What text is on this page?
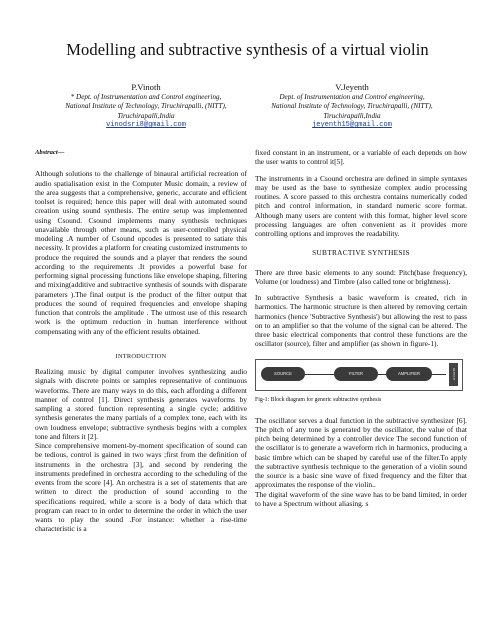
Modelling and subtractive synthesis of a virtual violin
P.Vinoth
* Dept. of Instrumentation and Control engineering,
National Institute of Technology, Tiruchirapalli, (NITT),
Tiruchirapalli,India
vinodsri8@gmail.com
V.Jeyenth
Dept. of Instrumentation and Control engineering,
National Institute of Technology, Tiruchirapalli, (NITT),
Tiruchirapalli,India
jeyenth15@gmail.com

Abstract—

Although solutions to the challenge of binaural artificial recreation of audio spatialisation exist in the Computer Music domain, a review of the area suggests that a comprehensive, generic, accurate and efficient toolset is required; hence this paper will deal with automated sound creation using sound synthesis. The entire setup was implemented using Csound. Csound implements many synthesis techniques unavailable through other means, such as user-controlled physical modeling .A number of Csound opcodes is presented to satiate this necessity. It provides a platform for creating customized instruments to produce the required the sounds and a player that renders the sound according to the requirements .It provides a powerful base for performing signal processing functions like envelope shaping, filtering and mixing(additive and subtractive synthesis of sounds with disparate parameters ).The final output is the product of the filter output that produces the sound of required frequencies and envelope shaping function that controls the amplitude . The utmost use of this research work is the optimum reduction in human interference without compensating with any of the efficient results obtained.

INTRODUCTION

Realizing music by digital computer involves synthesizing audio signals with discrete points or samples representative of continuous waveforms. There are many ways to do this, each affording a different manner of control [1]. Direct synthesis generates waveforms by sampling a stored function representing a single cycle; additive synthesis generates the many partials of a complex tone, each with its own loudness envelope; subtractive synthesis begins with a complex tone and filters it [2].

Since comprehensive moment-by-moment specification of sound can be tedious, control is gained in two ways ;first from the definition of instruments in the orchestra [3], and second by rendering the instruments predefined in orchestra according to the scheduling of the events from the score [4]. An orchestra is a set of statements that are written to direct the production of sound according to the specifications required, while a score is a body of data which that program can react to in order to determine the order in which the user wants to play the sound .For instance: whether a rise-time characteristic is a

fixed constant in an instrument, or a variable of each depends on how the user wants to control it[5].

The instruments in a Csound orchestra are defined in simple syntaxes may be used as the base to synthesize complex audio processing routines. A score passed to this orchestra contains numerically coded pitch and control information, in standard numeric score format. Although many users are content with this format, higher level score processing languages are often convenient as it provides more controlling options and improves the readability.

SUBTRACTIVE SYNTHESIS

There are three basic elements to any sound: Pitch(base frequency), Volume (or loudness) and Timbre (also called tone or brightness).

In subtractive Synthesis a basic waveform is created, rich in harmonics. The harmonic structure is then altered by removing certain harmonics (hence 'Subtractive Synthesis') but allowing the rest to pass on to an amplifier so that the volume of the signal can be altered. The three basic electrical components that control these functions are the oscillator (source), filter and amplifier (as shown in figure-1).

SOURCE	FILTER	AMPLIFIER	OUTPUT

Fig-1: Block diagram for generic subtractive synthesis

The oscillator serves a dual function in the subtractive synthesizer [6]. The pitch of any tone is generated by the oscillator, the value of that pitch being determined by a controller device The second function of the oscillator is to generate a waveform rich in harmonics, producing a basic timbre which can be shaped by careful use of the filter.To apply the subtractive synthesis technique to the generation of a violin sound the source is a basic sine wave of fixed frequency and the filter that approximates the response of the violin..

The digital waveform of the sine wave has to be band limited, in order to have a Spectrum without aliasing. s
